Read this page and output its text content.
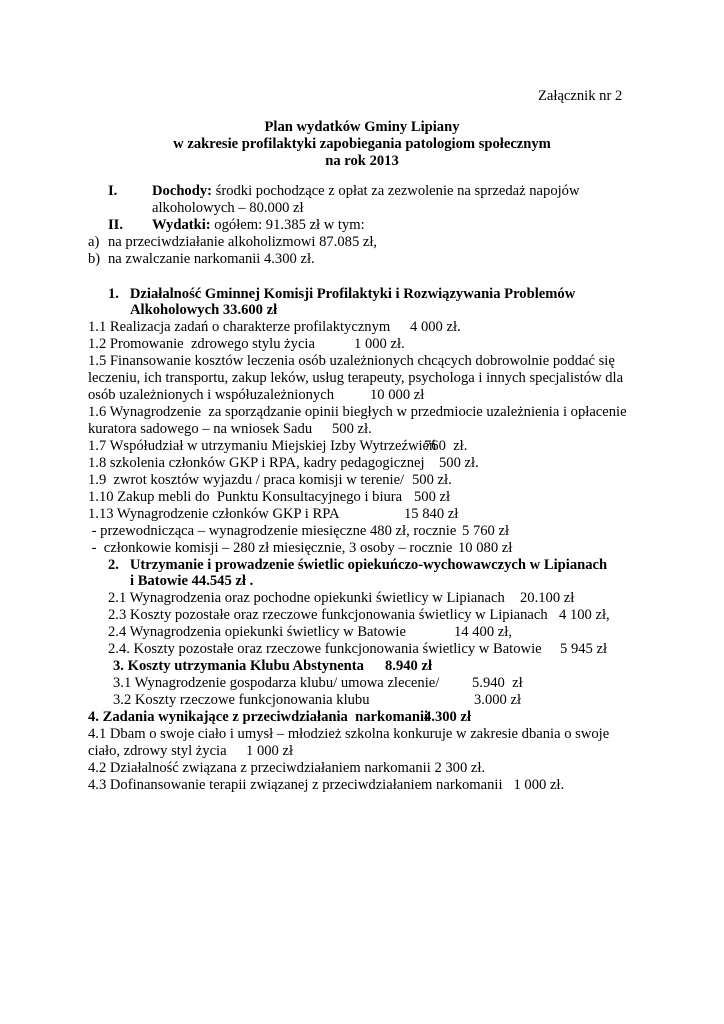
Załącznik nr 2
Plan wydatków Gminy Lipiany
w zakresie profilaktyki zapobiegania patologiom społecznym
na rok 2013
I. Dochody: środki pochodzące z opłat za zezwolenie na sprzedaż napojów
alkoholowych – 80.000 zł
II. Wydatki: ogółem: 91.385 zł w tym:
a) na przeciwdziałanie alkoholizmowi 87.085 zł,
b) na zwalczanie narkomanii 4.300 zł.
1.   Działalność Gminnej Komisji Profilaktyki i Rozwiązywania Problemów
Alkoholowych 33.600 zł
1.1 Realizacja zadań o charakterze profilaktycznym 4 000 zł.
1.2 Promowanie  zdrowego stylu życia	1 000 zł.
1.5 Finansowanie kosztów leczenia osób uzależnionych chcących dobrowolnie poddać się
leczeniu, ich transportu, zakup leków, usług terapeuty, psychologa i innych specjalistów dla
osób uzależnionych i współuzależnionych 10 000 zł
1.6 Wynagrodzenie  za sporządzanie opinii biegłych w przedmiocie uzależnienia i opłacenie
kuratora sadowego – na wniosek Sadu 500 zł.
1.7 Współudział w utrzymaniu Miejskiej Izby Wytrzeźwień
760  zł.
1.8 szkolenia członków GKP i RPA, kadry pedagogicznej 500 zł.
1.9  zwrot kosztów wyjazdu / praca komisji w terenie/ 500 zł.
1.10 Zakup mebli do  Punktu Konsultacyjnego i biura 500 zł
1.13 Wynagrodzenie członków GKP i RPA	15 840 zł
- przewodnicząca – wynagrodzenie miesięczne 480 zł, rocznie 5 760 zł
-  członkowie komisji – 280 zł miesięcznie, 3 osoby – rocznie 10 080 zł
2.   Utrzymanie i prowadzenie świetlic opiekuńczo-wychowawczych w Lipianach
i Batowie 44.545 zł .
2.1 Wynagrodzenia oraz pochodne opiekunki świetlicy w Lipianach 20.100 zł
2.3 Koszty pozostałe oraz rzeczowe funkcjonowania świetlicy w Lipianach 4 100 zł,
2.4 Wynagrodzenia opiekunki świetlicy w Batowie	14 400 zł,
2.4. Koszty pozostałe oraz rzeczowe funkcjonowania świetlicy w Batowie 5 945 zł
3. Koszty utrzymania Klubu Abstynenta 8.940 zł
3.1 Wynagrodzenie gospodarza klubu/ umowa zlecenie/ 5.940  zł
3.2 Koszty rzeczowe funkcjonowania klubu	3.000 zł
4. Zadania wynikające z przeciwdziałania  narkomanii
4.300 zł
4.1 Dbam o swoje ciało i umysł – młodzież szkolna konkuruje w zakresie dbania o swoje
ciało, zdrowy styl życia 1 000 zł
4.2 Działalność związana z przeciwdziałaniem narkomanii 2 300 zł.
4.3 Dofinansowanie terapii związanej z przeciwdziałaniem narkomanii   1 000 zł.
